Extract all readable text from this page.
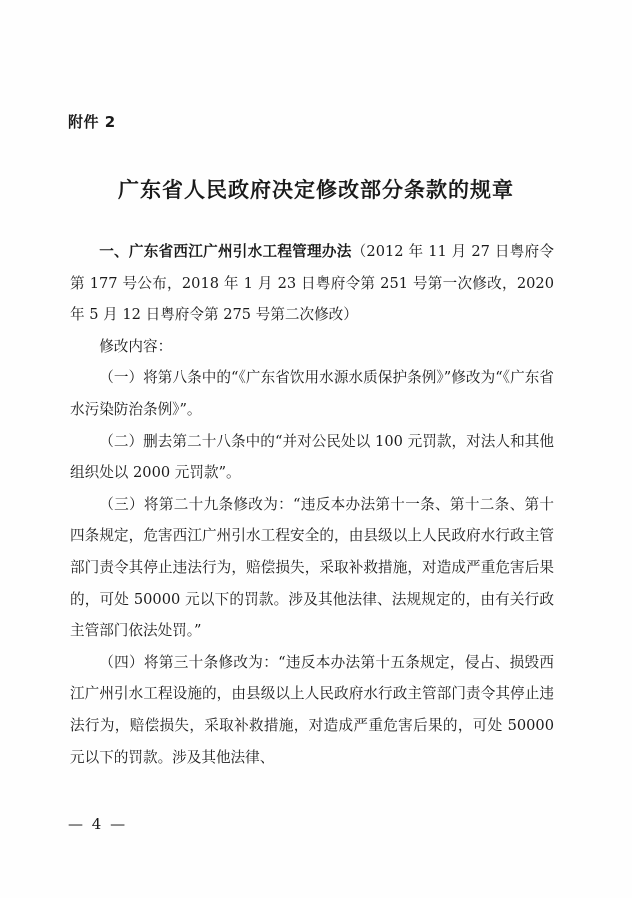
附件 2
广东省人民政府决定修改部分条款的规章

一、广东省西江广州引水工程管理办法（2012 年 11 月 27 日粤府令第 177 号公布，2018 年 1 月 23 日粤府令第 251 号第一次修改，2020 年 5 月 12 日粤府令第 275 号第二次修改）

修改内容：

（一）将第八条中的“《广东省饮用水源水质保护条例》”修改为“《广东省水污染防治条例》”。

（二）删去第二十八条中的“并对公民处以 100 元罚款，对法人和其他组织处以 2000 元罚款”。

（三）将第二十九条修改为：“违反本办法第十一条、第十二条、第十四条规定，危害西江广州引水工程安全的，由县级以上人民政府水行政主管部门责令其停止违法行为，赔偿损失，采取补救措施，对造成严重危害后果的，可处 50000 元以下的罚款。涉及其他法律、法规规定的，由有关行政主管部门依法处罚。”

（四）将第三十条修改为：“违反本办法第十五条规定，侵占、损毁西江广州引水工程设施的，由县级以上人民政府水行政主管部门责令其停止违法行为，赔偿损失，采取补救措施，对造成严重危害后果的，可处 50000 元以下的罚款。涉及其他法律、

— 4 —
